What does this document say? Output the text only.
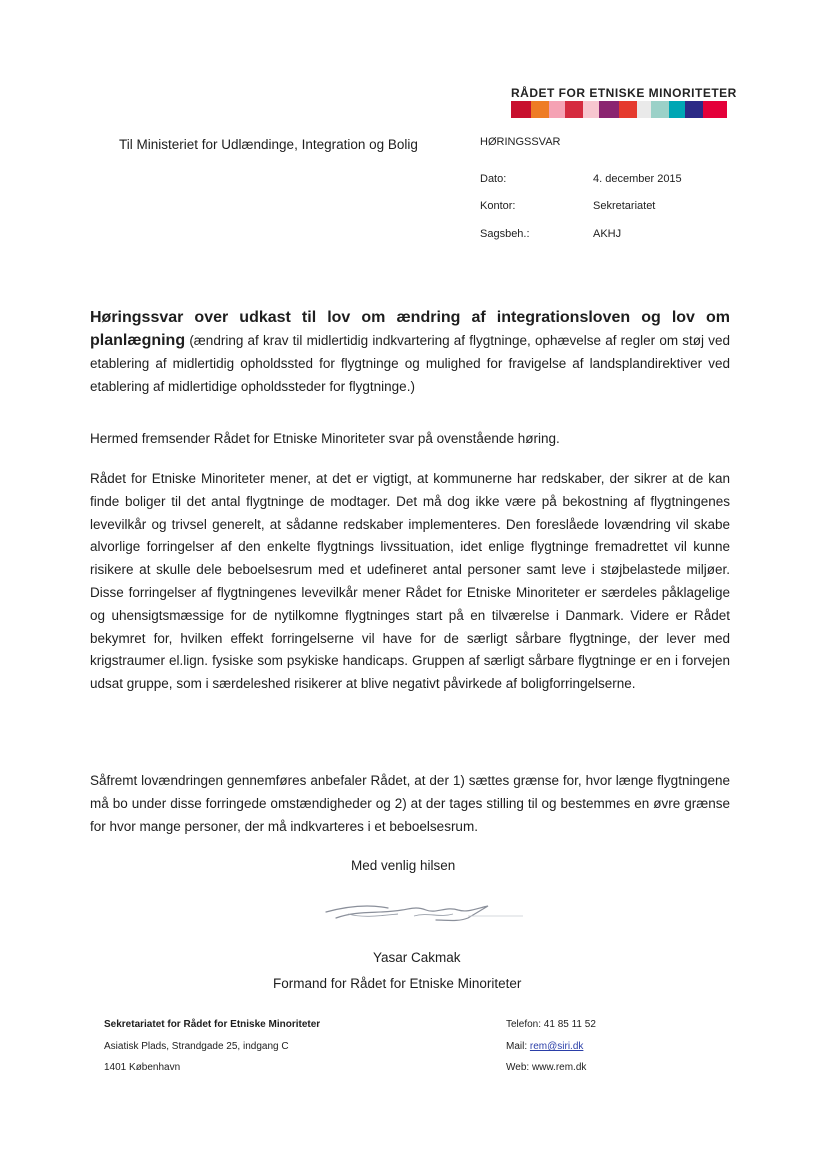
RÅDET FOR ETNISKE MINORITETER
Til Ministeriet for Udlændinge, Integration og Bolig	HØRINGSSVAR
Dato:	4. december 2015
Kontor:	Sekretariatet
Sagsbeh.:	AKHJ
Høringssvar over udkast til lov om ændring af integrationsloven og lov om planlægning (ændring af krav til midlertidig indkvartering af flygtninge, ophævelse af regler om støj ved etablering af midlertidig opholdssted for flygtninge og mulighed for fravigelse af landsplandirektiver ved etablering af midlertidige opholdssteder for flygtninge.)
Hermed fremsender Rådet for Etniske Minoriteter svar på ovenstående høring.
Rådet for Etniske Minoriteter mener, at det er vigtigt, at kommunerne har redskaber, der sikrer at de kan finde boliger til det antal flygtninge de modtager. Det må dog ikke være på bekostning af flygtningenes levevilkår og trivsel generelt, at sådanne redskaber implementeres. Den foreslåede lovændring vil skabe alvorlige forringelser af den enkelte flygtnings livssituation, idet enlige flygtninge fremadrettet vil kunne risikere at skulle dele beboelsesrum med et udefineret antal personer samt leve i støjbelastede miljøer. Disse forringelser af flygtningenes levevilkår mener Rådet for Etniske Minoriteter er særdeles påklagelige og uhensigtsmæssige for de nytilkomne flygtninges start på en tilværelse i Danmark. Videre er Rådet bekymret for, hvilken effekt forringelserne vil have for de særligt sårbare flygtninge, der lever med krigstraumer el.lign. fysiske som psykiske handicaps. Gruppen af særligt sårbare flygtninge er en i forvejen udsat gruppe, som i særdeleshed risikerer at blive negativt påvirkede af boligforringelserne.
Såfremt lovændringen gennemføres anbefaler Rådet, at der 1) sættes grænse for, hvor længe flygtningene må bo under disse forringede omstændigheder og 2) at der tages stilling til og bestemmes en øvre grænse for hvor mange personer, der må indkvarteres i et beboelsesrum.
Med venlig hilsen
Yasar Cakmak
Formand for Rådet for Etniske Minoriteter
Sekretariatet for Rådet for Etniske Minoriteter
Asiatisk Plads, Strandgade 25, indgang C
1401 København
Telefon: 41 85 11 52
Mail: rem@siri.dk
Web: www.rem.dk
